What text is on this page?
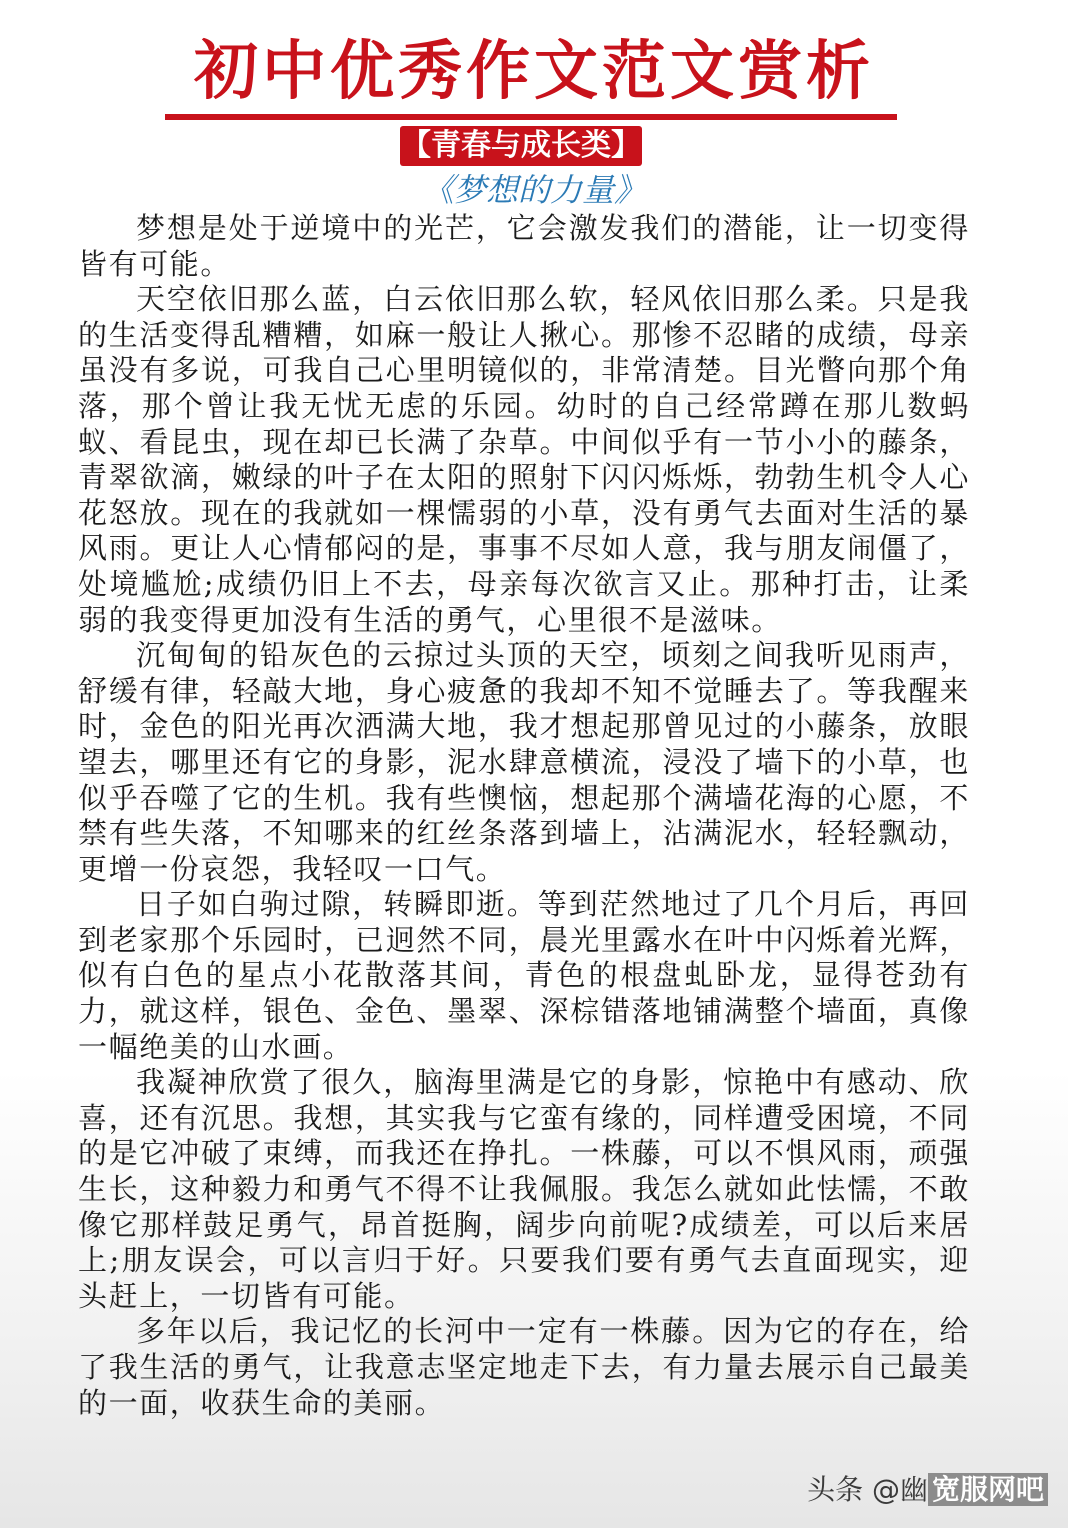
初中优秀作文范文赏析
【青春与成长类】
《梦想的力量》

梦想是处于逆境中的光芒，它会激发我们的潜能，让一切变得皆有可能。

天空依旧那么蓝，白云依旧那么软，轻风依旧那么柔。只是我的生活变得乱糟糟，如麻一般让人揪心。那惨不忍睹的成绩，母亲虽没有多说，可我自己心里明镜似的，非常清楚。目光瞥向那个角落，那个曾让我无忧无虑的乐园。幼时的自己经常蹲在那儿数蚂蚁、看昆虫，现在却已长满了杂草。中间似乎有一节小小的藤条，青翠欲滴，嫩绿的叶子在太阳的照射下闪闪烁烁，勃勃生机令人心花怒放。现在的我就如一棵懦弱的小草，没有勇气去面对生活的暴风雨。更让人心情郁闷的是，事事不尽如人意，我与朋友闹僵了，处境尴尬;成绩仍旧上不去，母亲每次欲言又止。那种打击，让柔弱的我变得更加没有生活的勇气，心里很不是滋味。

沉甸甸的铅灰色的云掠过头顶的天空，顷刻之间我听见雨声，舒缓有律，轻敲大地，身心疲惫的我却不知不觉睡去了。等我醒来时，金色的阳光再次洒满大地，我才想起那曾见过的小藤条，放眼望去，哪里还有它的身影，泥水肆意横流，浸没了墙下的小草，也似乎吞噬了它的生机。我有些懊恼，想起那个满墙花海的心愿，不禁有些失落，不知哪来的红丝条落到墙上，沾满泥水，轻轻飘动，更增一份哀怨，我轻叹一口气。

日子如白驹过隙，转瞬即逝。等到茫然地过了几个月后，再回到老家那个乐园时，已迥然不同，晨光里露水在叶中闪烁着光辉，似有白色的星点小花散落其间，青色的根盘虬卧龙，显得苍劲有力，就这样，银色、金色、墨翠、深棕错落地铺满整个墙面，真像一幅绝美的山水画。

我凝神欣赏了很久，脑海里满是它的身影，惊艳中有感动、欣喜，还有沉思。我想，其实我与它蛮有缘的，同样遭受困境，不同的是它冲破了束缚，而我还在挣扎。一株藤，可以不惧风雨，顽强生长，这种毅力和勇气不得不让我佩服。我怎么就如此怯懦，不敢像它那样鼓足勇气，昂首挺胸，阔步向前呢?成绩差，可以后来居上;朋友误会，可以言归于好。只要我们要有勇气去直面现实，迎头赶上，一切皆有可能。

多年以后，我记忆的长河中一定有一株藤。因为它的存在，给了我生活的勇气，让我意志坚定地走下去，有力量去展示自己最美的一面，收获生命的美丽。

头条 @幽 宽服网吧
